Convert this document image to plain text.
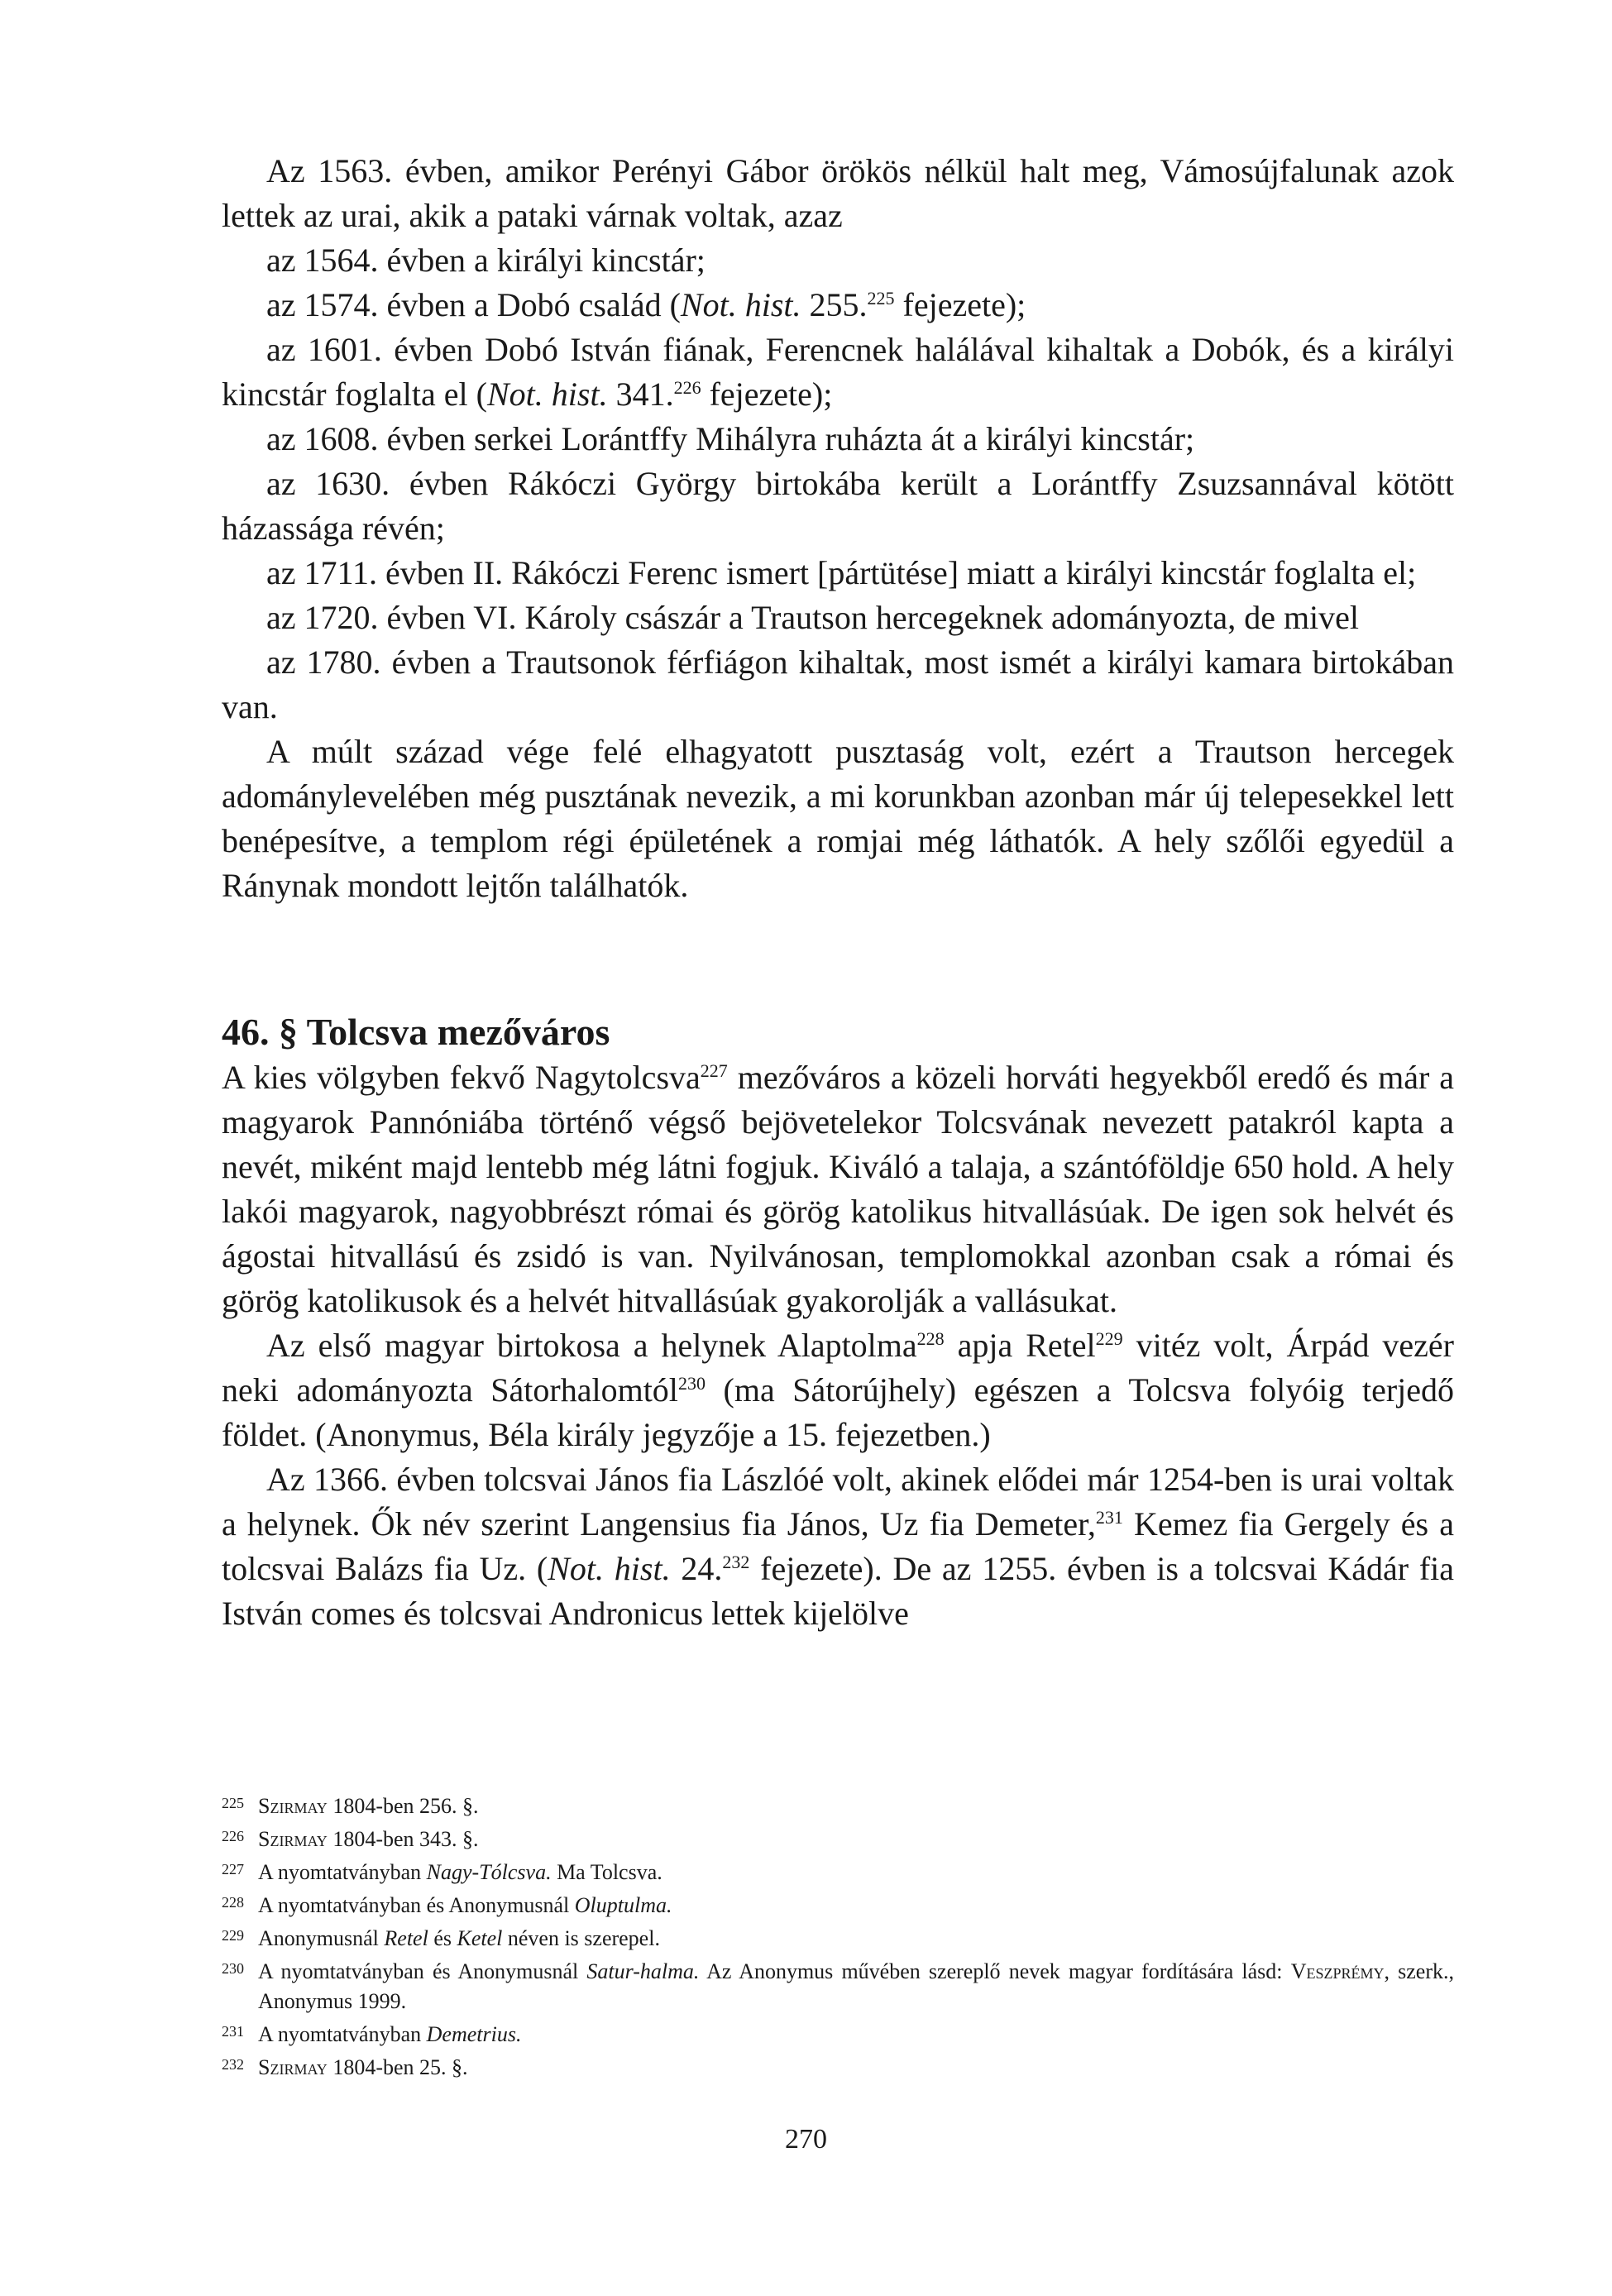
Az 1563. évben, amikor Perényi Gábor örökös nélkül halt meg, Vámosújfalunak azok lettek az urai, akik a pataki várnak voltak, azaz

az 1564. évben a királyi kincstár;

az 1574. évben a Dobó család (Not. hist. 255.$^{225}$ fejezete);

az 1601. évben Dobó István fiának, Ferencnek halálával kihaltak a Dobók, és a királyi kincstár foglalta el (Not. hist. 341.$^{226}$ fejezete);

az 1608. évben serkei Lorántffy Mihályra ruházta át a királyi kincstár;

az 1630. évben Rákóczi György birtokába került a Lorántffy Zsuzsannával kötött házassága révén;

az 1711. évben II. Rákóczi Ferenc ismert [pártütése] miatt a királyi kincstár foglalta el;

az 1720. évben VI. Károly császár a Trautson hercegeknek adományozta, de mivel

az 1780. évben a Trautsonok férfiágon kihaltak, most ismét a királyi kamara birtokában van.

A múlt század vége felé elhagyatott pusztaság volt, ezért a Trautson hercegek adománylevelében még pusztának nevezik, a mi korunkban azonban már új telepesekkel lett benépesítve, a templom régi épületének a romjai még láthatók. A hely szőlői egyedül a Ránynak mondott lejtőn találhatók.

46. § Tolcsva mezőváros

A kies völgyben fekvő Nagytolcsva$^{227}$ mezőváros a közeli horváti hegyekből eredő és már a magyarok Pannóniába történő végső bejövetelekor Tolcsvának nevezett patakról kapta a nevét, miként majd lentebb még látni fogjuk. Kiváló a talaja, a szántóföldje 650 hold. A hely lakói magyarok, nagyobbrészt római és görög katolikus hitvallásúak. De igen sok helvét és ágostai hitvallású és zsidó is van. Nyilvánosan, templomokkal azonban csak a római és görög katolikusok és a helvét hitvallásúak gyakorolják a vallásukat.

Az első magyar birtokosa a helynek Alaptolma$^{228}$ apja Retel$^{229}$ vitéz volt, Árpád vezér neki adományozta Sátorhalomtól$^{230}$ (ma Sátorújhely) egészen a Tolcsva folyóig terjedő földet. (Anonymus, Béla király jegyzője a 15. fejezetben.)

Az 1366. évben tolcsvai János fia Lászlóé volt, akinek elődei már 1254-ben is urai voltak a helynek. Ők név szerint Langensius fia János, Uz fia Demeter,$^{231}$ Kemez fia Gergely és a tolcsvai Balázs fia Uz. (Not. hist. 24.$^{232}$ fejezete). De az 1255. évben is a tolcsvai Kádár fia István comes és tolcsvai Andronicus lettek kijelölve

225 Szirmay 1804-ben 256. §.

226 Szirmay 1804-ben 343. §.

227 A nyomtatványban Nagy-Tólcsva. Ma Tolcsva.

228 A nyomtatványban és Anonymusnál Oluptulma.

229 Anonymusnál Retel és Ketel néven is szerepel.

230 A nyomtatványban és Anonymusnál Satur-halma. Az Anonymus művében szereplő nevek magyar fordítására lásd: Veszprémy, szerk., Anonymus 1999.

231 A nyomtatványban Demetrius.

232 Szirmay 1804-ben 25. §.

270
